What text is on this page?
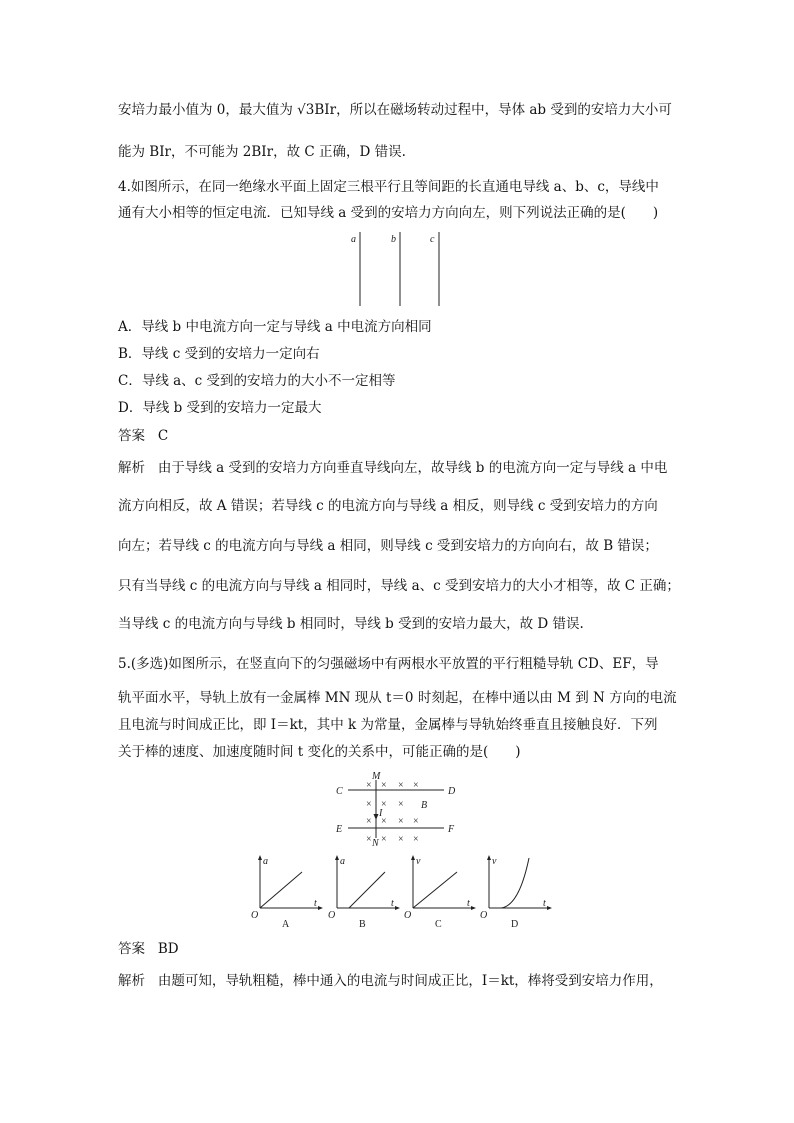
安培力最小值为 0，最大值为 √3BIr，所以在磁场转动过程中，导体 ab 受到的安培力大小可
能为 BIr，不可能为 2BIr，故 C 正确，D 错误.
4.如图所示，在同一绝缘水平面上固定三根平行且等间距的长直通电导线 a、b、c，导线中
通有大小相等的恒定电流．已知导线 a 受到的安培力方向向左，则下列说法正确的是(　　)
a	b	c
A．导线 b 中电流方向一定与导线 a 中电流方向相同
B．导线 c 受到的安培力一定向右
C．导线 a、c 受到的安培力的大小不一定相等
D．导线 b 受到的安培力一定最大
答案 C
解析 由于导线 a 受到的安培力方向垂直导线向左，故导线 b 的电流方向一定与导线 a 中电
流方向相反，故 A 错误；若导线 c 的电流方向与导线 a 相反，则导线 c 受到安培力的方向
向左；若导线 c 的电流方向与导线 a 相同，则导线 c 受到安培力的方向向右，故 B 错误；
只有当导线 c 的电流方向与导线 a 相同时，导线 a、c 受到安培力的大小才相等，故 C 正确；
当导线 c 的电流方向与导线 b 相同时，导线 b 受到的安培力最大，故 D 错误.
5.(多选)如图所示，在竖直向下的匀强磁场中有两根水平放置的平行粗糙导轨 CD、EF，导
轨平面水平，导轨上放有一金属棒 MN 现从 t＝0 时刻起，在棒中通以由 M 到 N 方向的电流
且电流与时间成正比，即 I＝kt，其中 k 为常量，金属棒与导轨始终垂直且接触良好．下列
关于棒的速度、加速度随时间 t 变化的关系中，可能正确的是(　　)
C	D
E	F
M
N
B
I
× × × ×
× × ×
× × × ×
× × × ×
a
t
O
A
a
t
O
B
v
t
O
C
v
t
O
D
答案 BD
解析 由题可知，导轨粗糙，棒中通入的电流与时间成正比，I＝kt，棒将受到安培力作用，
